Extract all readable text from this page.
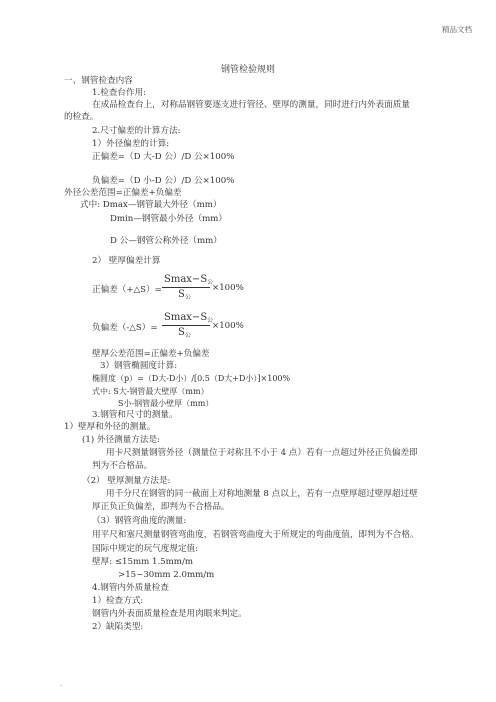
精品文档
钢管检验规则
一、钢管检查内容
1.检查台作用:
在成品检查台上，对称品钢管要逐支进行管径、壁厚的测量，同时进行内外表面质量
的检查。
2.尺寸偏差的计算方法:
1）外径偏差的计算:
正偏差=（D 大-D 公）/D 公×100%
负偏差=（D 小-D 公）/D 公×100%
外径公差范围=正偏差+负偏差
式中: Dmax—钢管最大外径（mm）
Dmin—钢管最小外径（mm）
D 公—钢管公称外径（mm）
2） 壁厚偏差计算
正偏差（+△S）=
$Smax-S_公$
$S_公$
×100%
负偏差（-△S）=
$Smax-S_公$
$S_公$
×100%
壁厚公差范围=正偏差+负偏差
3）钢管椭圆度计算:
椭圆度（p）=（D大-D小）/[0.5（D大+D小）]×100%
式中: S大-钢管最大壁厚（mm）
S小-钢管最小壁厚（mm）
3.钢管和尺寸的测量。
1）壁厚和外径的测量。
(1) 外径测量方法是:
用卡尺测量钢管外径（测量位于对称且不小于 4 点）若有一点超过外径正负偏差即
判为不合格品。
（2） 壁厚测量方法是:
用千分尺在钢管的同一截面上对称地测量 8 点以上，若有一点壁厚超过壁厚超过壁
厚正负正负偏差，即判为不合格品。
（3）钢管弯曲度的测量:
用平尺和塞尺测量钢管弯曲度，若钢管弯曲度大于所规定的弯曲度值，即判为不合格。
国际中规定的玩气度规定值:
壁厚: ≤15mm 1.5mm/m
>15~30mm 2.0mm/m
4.钢管内外质量检查
1）检查方式:
钢管内外表面质量检查是用肉眼来判定。
2）缺陷类型:
.
